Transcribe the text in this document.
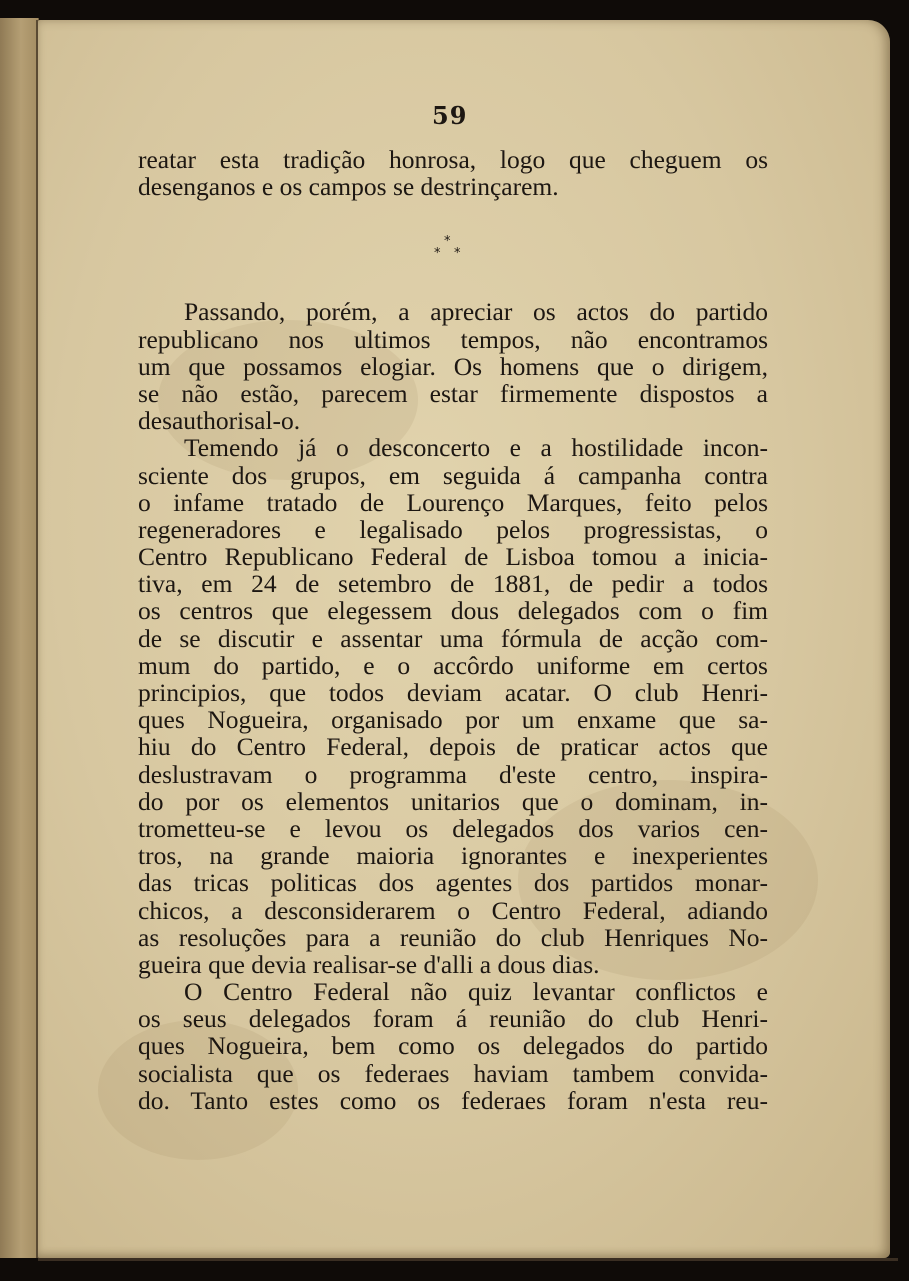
59
*
* *
reatar esta tradição honrosa, logo que cheguem os
desenganos e os campos se destrinçarem.
Passando, porém, a apreciar os actos do partido
republicano nos ultimos tempos, não encontramos
um que possamos elogiar. Os homens que o dirigem,
se não estão, parecem estar firmemente dispostos a
desauthorisal-o.
Temendo já o desconcerto e a hostilidade incon-
sciente dos grupos, em seguida á campanha contra
o infame tratado de Lourenço Marques, feito pelos
regeneradores e legalisado pelos progressistas, o
Centro Republicano Federal de Lisboa tomou a inicia-
tiva, em 24 de setembro de 1881, de pedir a todos
os centros que elegessem dous delegados com o fim
de se discutir e assentar uma fórmula de acção com-
mum do partido, e o accôrdo uniforme em certos
principios, que todos deviam acatar. O club Henri-
ques Nogueira, organisado por um enxame que sa-
hiu do Centro Federal, depois de praticar actos que
deslustravam o programma d'este centro, inspira-
do por os elementos unitarios que o dominam, in-
trometteu-se e levou os delegados dos varios cen-
tros, na grande maioria ignorantes e inexperientes
das tricas politicas dos agentes dos partidos monar-
chicos, a desconsiderarem o Centro Federal, adiando
as resoluções para a reunião do club Henriques No-
gueira que devia realisar-se d'alli a dous dias.
O Centro Federal não quiz levantar conflictos e
os seus delegados foram á reunião do club Henri-
ques Nogueira, bem como os delegados do partido
socialista que os federaes haviam tambem convida-
do. Tanto estes como os federaes foram n'esta reu-
